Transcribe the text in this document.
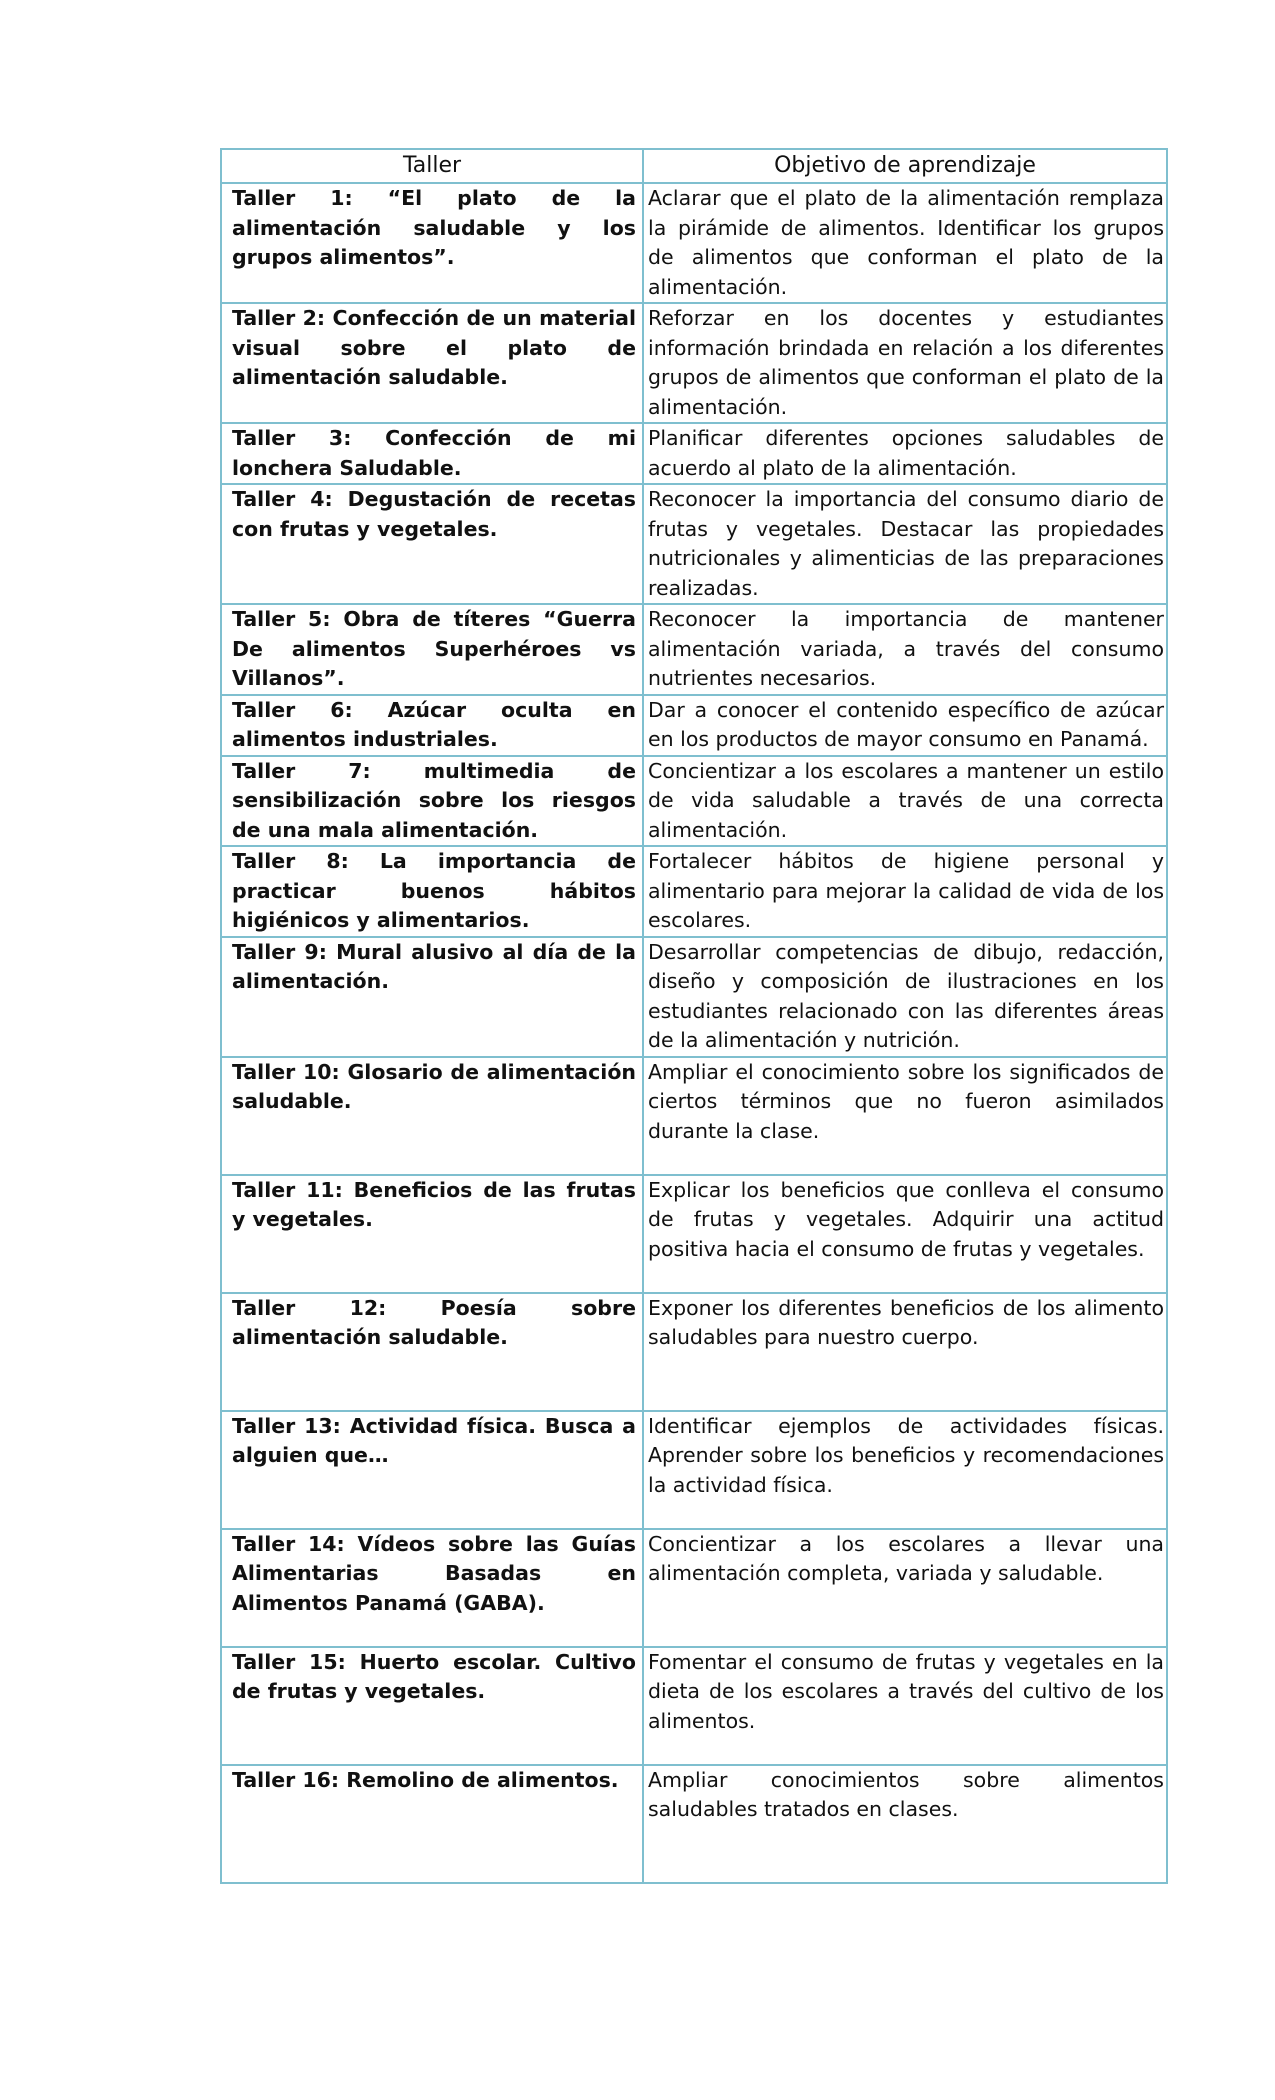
Taller	Objetivo de aprendizaje
Taller 1: “El plato de la alimentación saludable y los grupos alimentos”.	Aclarar que el plato de la alimentación remplaza la pirámide de alimentos. Identificar los grupos de alimentos que conforman el plato de la alimentación.
Taller 2: Confección de un material visual sobre el plato de alimentación saludable.	Reforzar en los docentes y estudiantes información brindada en relación a los diferentes grupos de alimentos que conforman el plato de la alimentación.
Taller 3: Confección de mi lonchera Saludable.	Planificar diferentes opciones saludables de acuerdo al plato de la alimentación.
Taller 4: Degustación de recetas con frutas y vegetales.	Reconocer la importancia del consumo diario de frutas y vegetales. Destacar las propiedades nutricionales y alimenticias de las preparaciones realizadas.
Taller 5: Obra de títeres “Guerra De alimentos Superhéroes vs Villanos”.	Reconocer la importancia de mantener alimentación variada, a través del consumo nutrientes necesarios.
Taller 6: Azúcar oculta en alimentos industriales.	Dar a conocer el contenido específico de azúcar en los productos de mayor consumo en Panamá.
Taller 7: multimedia de sensibilización sobre los riesgos de una mala alimentación.	Concientizar a los escolares a mantener un estilo de vida saludable a través de una correcta alimentación.
Taller 8: La importancia de practicar buenos hábitos higiénicos y alimentarios.	Fortalecer hábitos de higiene personal y alimentario para mejorar la calidad de vida de los escolares.
Taller 9: Mural alusivo al día de la alimentación.	Desarrollar competencias de dibujo, redacción, diseño y composición de ilustraciones en los estudiantes relacionado con las diferentes áreas de la alimentación y nutrición.
Taller 10: Glosario de alimentación saludable.	Ampliar el conocimiento sobre los significados de ciertos términos que no fueron asimilados durante la clase.
Taller 11: Beneficios de las frutas y vegetales.	Explicar los beneficios que conlleva el consumo de frutas y vegetales. Adquirir una actitud positiva hacia el consumo de frutas y vegetales.
Taller 12: Poesía sobre alimentación saludable.	Exponer los diferentes beneficios de los alimento saludables para nuestro cuerpo.
Taller 13: Actividad física. Busca a alguien que…	Identificar ejemplos de actividades físicas. Aprender sobre los beneficios y recomendaciones la actividad física.
Taller 14: Vídeos sobre las Guías Alimentarias Basadas en Alimentos Panamá (GABA).	Concientizar a los escolares a llevar una alimentación completa, variada y saludable.
Taller 15: Huerto escolar. Cultivo de frutas y vegetales.	Fomentar el consumo de frutas y vegetales en la dieta de los escolares a través del cultivo de los alimentos.
Taller 16: Remolino de alimentos.	Ampliar conocimientos sobre alimentos saludables tratados en clases.
